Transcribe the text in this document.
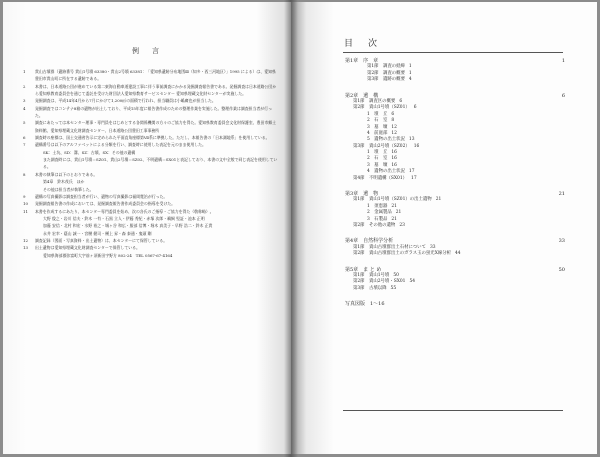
例　言
1 貴山古墳群（遺跡番号 貴山1号墳 63380・貴山2号墳 63381：「愛知県遺跡分布地図Ⅲ（知多・西三河地区）」1995 による）は、愛知県豊田市貴山町に所在する遺跡である。
2 本書は、日本道路公団が進めている第二東海自動車道建設工事に伴う事前調査にかかる発掘調査報告書である。発掘調査は日本道路公団から愛知県教育委員会を通じて委託を受けた財団法人愛知県教育サービスセンター 愛知県埋蔵文化財センターが実施した。
3 発掘調査は、平成14年4月から7月にかけて1,200㎡の面積で行われ、担当職員は小嶋廣也が担当した。
4 発掘調査ではコンテナ8箱の遺物が出土しており、平成15年度に報告書作成のための整理作業を実施した。整理作業は調査担当者が行った。
5 調査にあたっては本センター理事・専門員をはじめとする各関係機関の方々のご協力を得た。愛知県教育委員会文化財保護室、豊田市郷土資料館、愛知県埋蔵文化財調査センター、日本道路公団豊田工事事務所
6 調査時の座標は、国土交通省告示に定められた平面直角座標第Ⅶ系に準拠した。ただし、本報告書の「日本測地系」を使用している。
7 遺構番号は以下のアルファベットによる分類を行い、調査時に使用した表記を元のまま使用した。
SK：土坑、SD：溝、SZ：古墳、SX：その他の遺構
また調査時には、貴山1号墳＝SZ01、貴山2号墳＝SZ02、不明遺構＝SX01と表記しており、本書の文中全般で同じ表記を使用している。
8 本書の執筆は以下のとおりである。
第4章　鈴木茂氏　ほか
その他は担当者が執筆した。
9 遺構の写真撮影は調査担当者が行い、遺物の写真撮影は福岡寛治が行った。
10 発掘調査報告書の作成においては、発掘調査報告書作成委員会の指導を受けた。
11 本書を作成するにあたり、本センター専門委員を始め、次の各氏のご指導・ご協力を得た（敬称略）。
大野 俊之・岩川 信夫・鈴木 一有・石黒 立人・伊藤 秀紀・赤塚 次郎・鵜飼 堅証・池本 正明
加藤 安信・北村 和宏・水野 裕之・城ヶ谷 和広・服部 信博・堀木 真美子・早野 浩二・鈴木 正貴
永井 宏幸・蔭山 誠一・宮腰 健司・樋上 昇・森 泰通・鬼頭 剛
12 調査記録（図面・写真資料・出土遺物）は、本センターにて保管している。
13 出土遺物は愛知県埋蔵文化財調査センターで保管している。
愛知県海部郡弥富町大字前ヶ須新田字野方 802-24　TEL 0567-67-4164
目　次
第1章　序　章	1
第1節　調査の経緯 1
第2節　調査の概要 1
第3節　遺跡の概要 4
第2章　遺　構	6
第1節　調査区の概要 6
第2節　貴山1号墳（SZ01） 6
1　墳　丘 6
2　石　室 8
3　墓　壙 12
4　前庭部 12
5　遺物の出土状況 13
第3節　貴山2号墳（SZ02） 16
1　墳　丘 16
2　石　室 16
3　墓　壙 16
4　遺物の出土状況 17
第4節　不明遺構（SX01） 17
第3章　遺　物	21
第1節　貴山1号墳（SZ01）の出土遺物 21
1　須恵器 21
2　金属製品 21
3　石製品 21
第2節　その他の遺物 23
第4章　自然科学分析	33
第1節　貴山古墳群出土石材について 33
第2節　貴山古墳群出土のガラス玉の蛍光X線分析 44
第5章　ま と め	50
第1節　貴山1号墳 50
第2節　貴山2号墳・SX01 54
第3節　古墳以降 55
写真図版　1～16
